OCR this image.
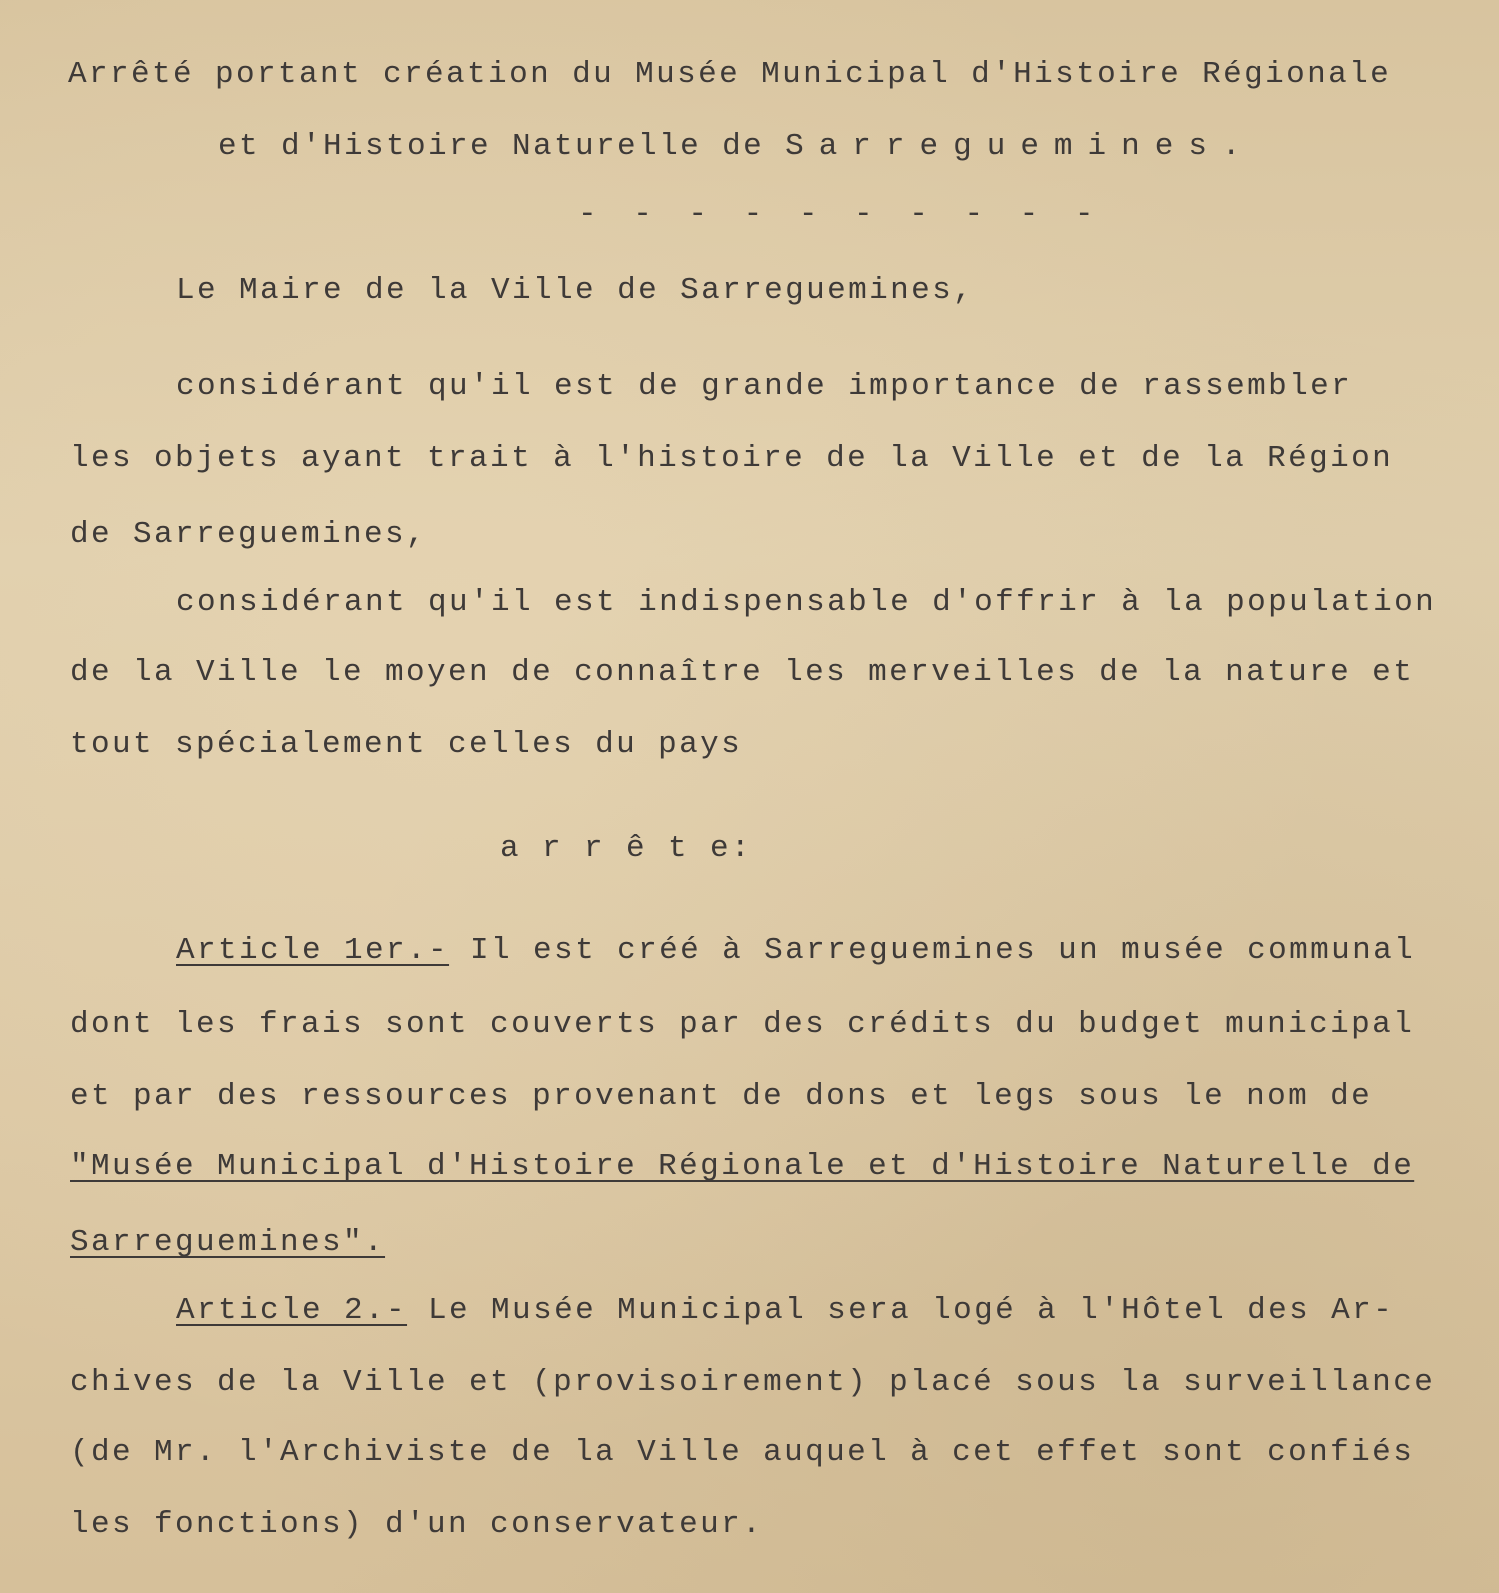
Arrêté portant création du Musée Municipal d'Histoire Régionale
et d'Histoire Naturelle de Sarreguemines.
- - - - - - - - - -
Le Maire de la Ville de Sarreguemines,
considérant qu'il est de grande importance de rassembler
les objets ayant trait à l'histoire de la Ville et de la Région
de Sarreguemines,
considérant qu'il est indispensable d'offrir à la population
de la Ville le moyen de connaître les merveilles de la nature et
tout spécialement celles du pays
a r r ê t e:
Article 1er.- Il est créé à Sarreguemines un musée communal
dont les frais sont couverts par des crédits du budget municipal
et par des ressources provenant de dons et legs sous le nom de
"Musée Municipal d'Histoire Régionale et d'Histoire Naturelle de
Sarreguemines".
Article 2.- Le Musée Municipal sera logé à l'Hôtel des Ar-
chives de la Ville et (provisoirement) placé sous la surveillance
(de Mr. l'Archiviste de la Ville auquel à cet effet sont confiés
les fonctions) d'un conservateur.
